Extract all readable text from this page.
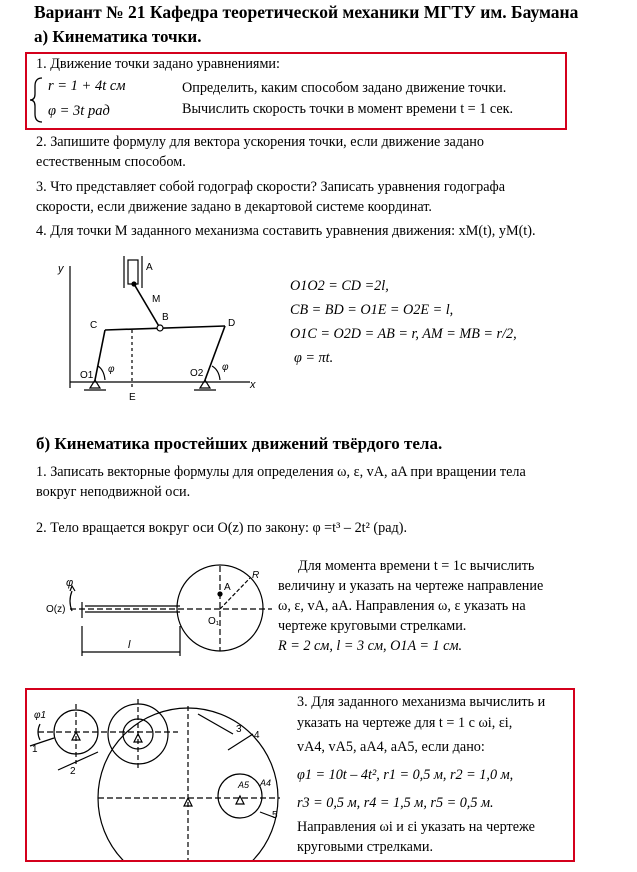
Вариант № 21 Кафедра теоретической механики МГТУ им. Баумана
а) Кинематика точки.
1. Движение точки задано уравнениями:
r = 1 + 4t см
φ = 3t рад
Определить, каким способом задано движение точки.
Вычислить скорость точки в момент времени t = 1 сек.
2. Запишите формулу для вектора ускорения точки, если движение задано
естественным способом.
3. Что представляет собой годограф скорости? Записать уравнения годографа
скорости, если движение задано в декартовой системе координат.
4. Для точки M заданного механизма составить уравнения движения: xM(t), yM(t).
y
x
A
M
B
C	D
O1	O2
E
φ	φ
O1O2 = CD =2l,
CB = BD = O1E = O2E = l,
O1C = O2D = AB = r, AM = MB = r/2,
φ = πt.
б) Кинематика простейших движений твёрдого тела.
1. Записать векторные формулы для определения ω, ε, vA, aA при вращении тела
вокруг неподвижной оси.
2. Тело вращается вокруг оси O(z) по закону: φ =t³ – 2t² (рад).
φ
O(z)
l
A
O₁
R
Для момента времени t = 1c вычислить
величину и указать на чертеже направление
ω, ε, vA, aA. Направления ω, ε указать на
чертеже круговыми стрелками.
R = 2 см, l = 3 см, O1A = 1 см.
φ1
1
2
3
4
5
A5 A4
3. Для заданного механизма вычислить и
указать на чертеже для t = 1 с ωi, εi,
vA4, vA5, aA4, aA5, если дано:
φ1 = 10t – 4t², r1 = 0,5 м, r2 = 1,0 м,
r3 = 0,5 м, r4 = 1,5 м, r5 = 0,5 м.
Направления ωi и εi указать на чертеже
круговыми стрелками.
